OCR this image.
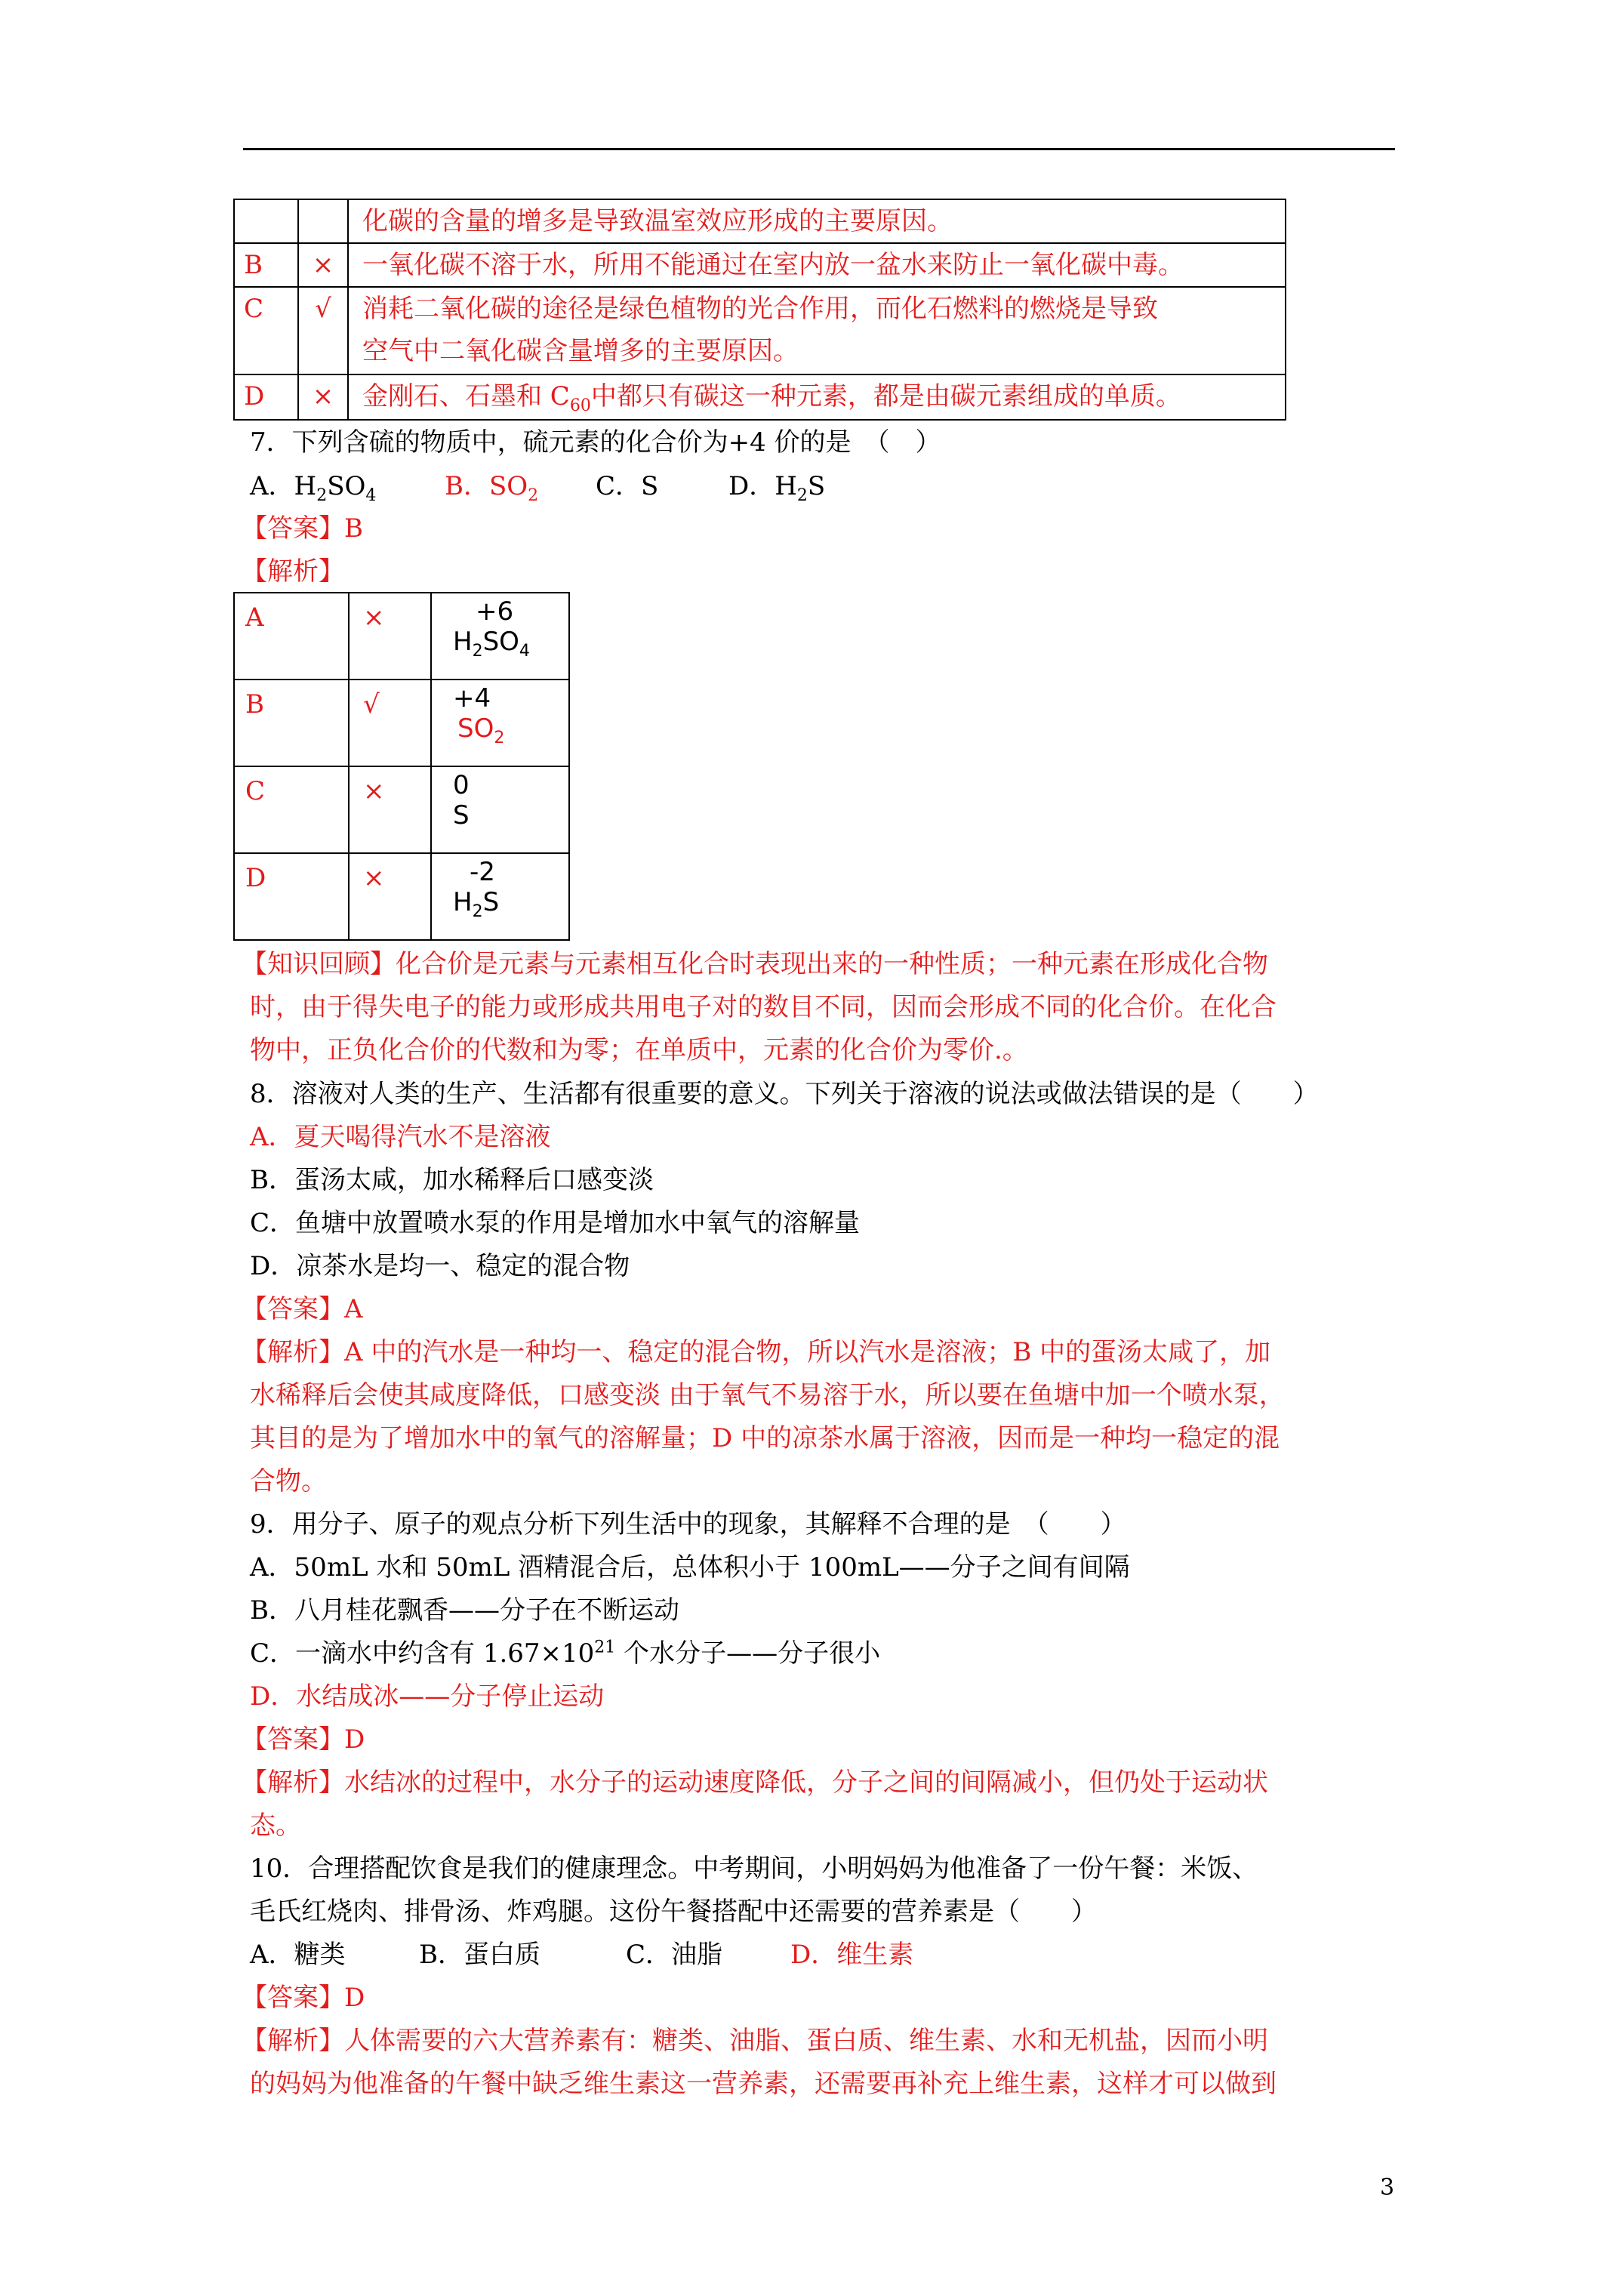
		化碳的含量的增多是导致温室效应形成的主要原因。
B	×	一氧化碳不溶于水，所用不能通过在室内放一盆水来防止一氧化碳中毒。
C	√	消耗二氧化碳的途径是绿色植物的光合作用，而化石燃料的燃烧是导致
空气中二氧化碳含量增多的主要原因。

D	×	金刚石、石墨和 $C_{60}$中都只有碳这一种元素，都是由碳元素组成的单质。
7．下列含硫的物质中，硫元素的化合价为+4 价的是　（　）
A．$H_2SO_4$	B．$SO_2$ C．S	D．$H_2S$
【答案】B
【解析】
A	×	+6
$H_2SO_4$

B	√	+4
$SO_2$

C	×	0
S

D	×	-2
$H_2S$
【知识回顾】化合价是元素与元素相互化合时表现出来的一种性质；一种元素在形成化合物
时，由于得失电子的能力或形成共用电子对的数目不同，因而会形成不同的化合价。在化合
物中，正负化合价的代数和为零；在单质中，元素的化合价为零价.。
8．溶液对人类的生产、生活都有很重要的意义。下列关于溶液的说法或做法错误的是（　　）
A．夏天喝得汽水不是溶液
B．蛋汤太咸，加水稀释后口感变淡
C．鱼塘中放置喷水泵的作用是增加水中氧气的溶解量
D．凉茶水是均一、稳定的混合物
【答案】A
【解析】A 中的汽水是一种均一、稳定的混合物，所以汽水是溶液；B 中的蛋汤太咸了，加
水稀释后会使其咸度降低，口感变淡 由于氧气不易溶于水，所以要在鱼塘中加一个喷水泵，
其目的是为了增加水中的氧气的溶解量；D 中的凉茶水属于溶液，因而是一种均一稳定的混
合物。
9．用分子、原子的观点分析下列生活中的现象，其解释不合理的是　（　　）
A．50mL 水和 50mL 酒精混合后，总体积小于 100mL——分子之间有间隔
B．八月桂花飘香——分子在不断运动
C．一滴水中约含有 $1.67\times 10^{21}$ 个水分子——分子很小
D．水结成冰——分子停止运动
【答案】D
【解析】水结冰的过程中，水分子的运动速度降低，分子之间的间隔减小，但仍处于运动状
态。
10．合理搭配饮食是我们的健康理念。中考期间，小明妈妈为他准备了一份午餐：米饭、
毛氏红烧肉、排骨汤、炸鸡腿。这份午餐搭配中还需要的营养素是（　　）
A．糖类	B．蛋白质	C．油脂	D．维生素
【答案】D
【解析】人体需要的六大营养素有：糖类、油脂、蛋白质、维生素、水和无机盐，因而小明
的妈妈为他准备的午餐中缺乏维生素这一营养素，还需要再补充上维生素，这样才可以做到
3
